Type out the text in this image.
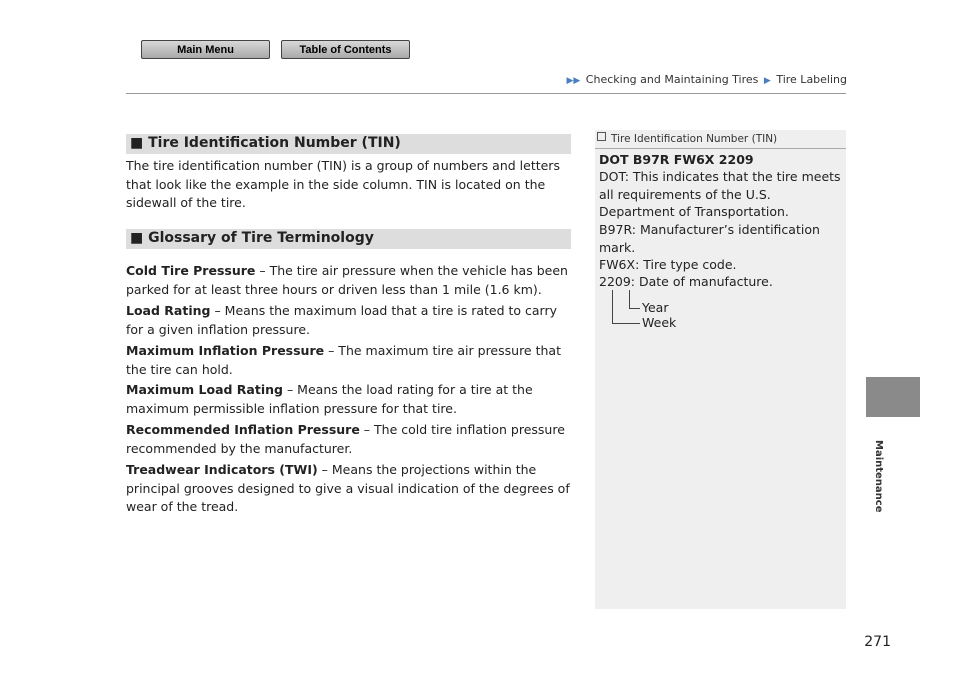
Main Menu	Table of Contents
▶▶ Checking and Maintaining Tires ▶ Tire Labeling
Maintenance
271
■ Tire Identification Number (TIN)
The tire identification number (TIN) is a group of numbers and letters that look like the example in the side column. TIN is located on the sidewall of the tire.
■ Glossary of Tire Terminology
Cold Tire Pressure – The tire air pressure when the vehicle has been parked for at least three hours or driven less than 1 mile (1.6 km).
Load Rating – Means the maximum load that a tire is rated to carry for a given inflation pressure.
Maximum Inflation Pressure – The maximum tire air pressure that the tire can hold.
Maximum Load Rating – Means the load rating for a tire at the maximum permissible inflation pressure for that tire.
Recommended Inflation Pressure – The cold tire inflation pressure recommended by the manufacturer.
Treadwear Indicators (TWI) – Means the projections within the principal grooves designed to give a visual indication of the degrees of wear of the tread.
Tire Identification Number (TIN)
DOT B97R FW6X 2209
DOT: This indicates that the tire meets all requirements of the U.S. Department of Transportation.
B97R: Manufacturer’s identification mark.
FW6X: Tire type code.
2209: Date of manufacture.
Year
Week
